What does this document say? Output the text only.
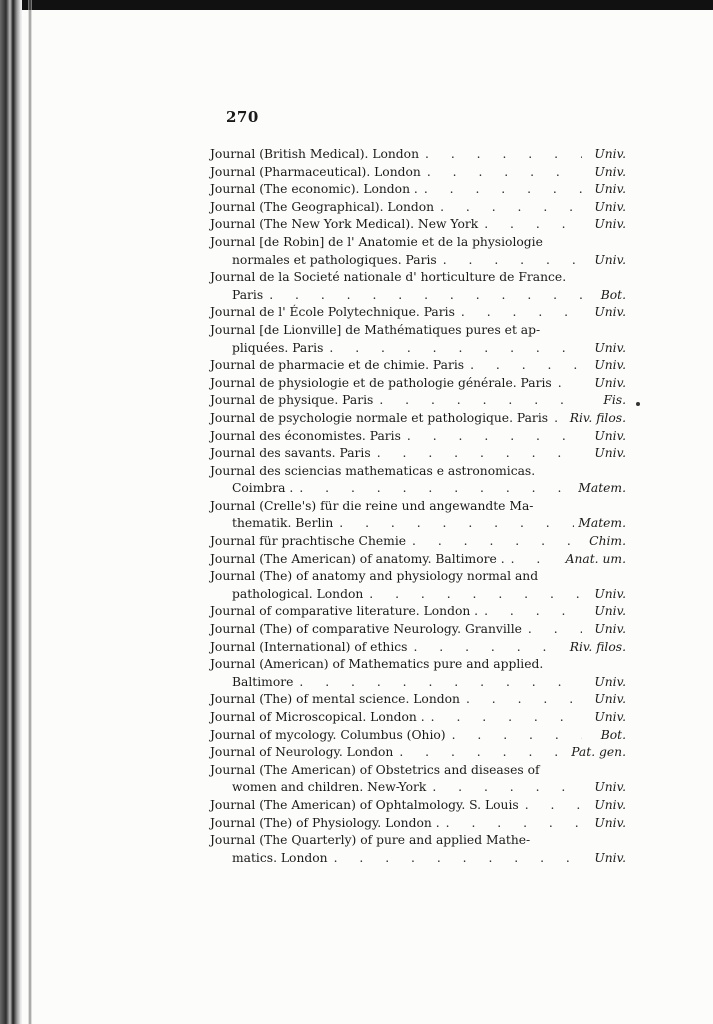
270
Journal (British Medical). London . . .	Univ.
Journal (Pharmaceutical). London . . .	Univ.
Journal (The economic). London . . . .	Univ.
Journal (The Geographical). London . . .	Univ.
Journal (The New York Medical). New York . . .	Univ.
Journal [de Robin] de l' Anatomie et de la physiologie
normales et pathologiques. Paris . . .	Univ.
Journal de la Societé nationale d' horticulture de France.
Paris . . .	Bot.
Journal de l' École Polytechnique. Paris . . .	Univ.
Journal [de Lionville] de Mathématiques pures et ap-
pliquées. Paris . . .	Univ.
Journal de pharmacie et de chimie. Paris . . .	Univ.
Journal de physiologie et de pathologie générale. Paris . . .	Univ.
Journal de physique. Paris . . .	Fis.
Journal de psychologie normale et pathologique. Paris . . .	Riv. filos.
Journal des économistes. Paris . . .	Univ.
Journal des savants. Paris . . .	Univ.
Journal des sciencias mathematicas e astronomicas.
Coimbra . . . .	Matem.
Journal (Crelle's) für die reine und angewandte Ma-
thematik. Berlin . . .	Matem.
Journal für prachtische Chemie . . .	Chim.
Journal (The American) of anatomy. Baltimore . . . .	Anat. um.
Journal (The) of anatomy and physiology normal and
pathological. London . . .	Univ.
Journal of comparative literature. London . . . .	Univ.
Journal (The) of comparative Neurology. Granville . . .	Univ.
Journal (International) of ethics . . .	Riv. filos.
Journal (American) of Mathematics pure and applied.
Baltimore . . .	Univ.
Journal (The) of mental science. London . . .	Univ.
Journal of Microscopical. London . . . .	Univ.
Journal of mycology. Columbus (Ohio) . . .	Bot.
Journal of Neurology. London . . .	Pat. gen.
Journal (The American) of Obstetrics and diseases of
women and children. New-York . . .	Univ.
Journal (The American) of Ophtalmology. S. Louis . . .	Univ.
Journal (The) of Physiology. London . . . .	Univ.
Journal (The Quarterly) of pure and applied Mathe-
matics. London . . .	Univ.
